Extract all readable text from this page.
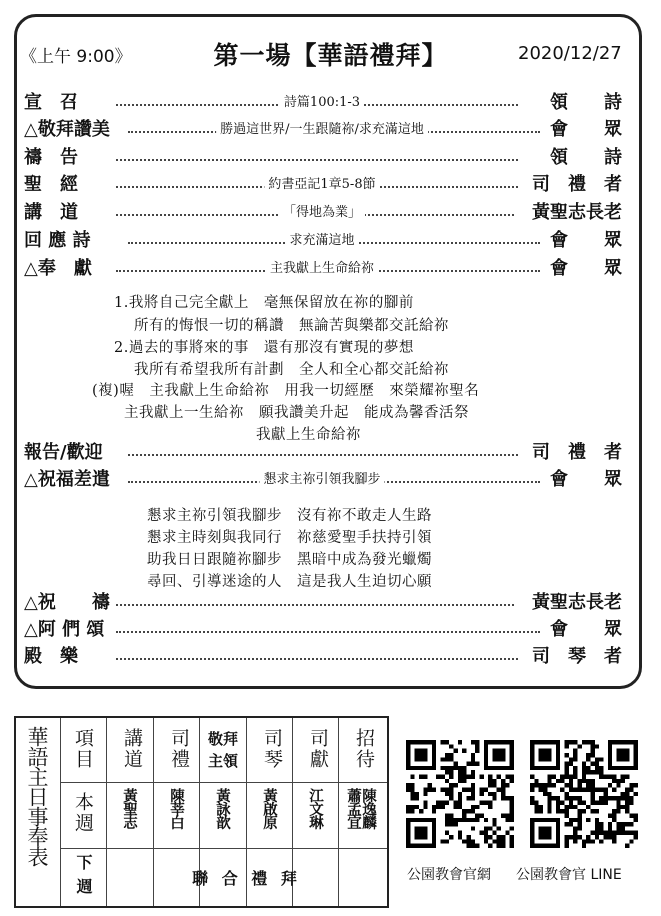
《上午 9:00》	第一場【華語禮拜】	2020/12/27
宣　召	詩篇100:1-3	領　　詩
△敬拜讚美	勝過這世界/一生跟隨祢/求充滿這地	會　　眾
禱　告	領　　詩
聖　經	約書亞記1章5-8節	司　禮　者
講　道	「得地為業」	黃聖志長老
回 應 詩	求充滿這地	會　　眾
△奉　獻	主我獻上生命給祢	會　　眾
報告/歡迎	司　禮　者
△祝福差遣	懇求主祢引領我腳步	會　　眾
△祝　　禱	黃聖志長老
△阿 們 頌	會　　眾
殿　樂	司　琴　者
1.我將自己完全獻上　毫無保留放在祢的腳前
所有的悔恨一切的稱讚　無論苦與樂都交託給祢
2.過去的事將來的事　還有那沒有實現的夢想
我所有希望我所有計劃　全人和全心都交託給祢
(複)喔　主我獻上生命給祢　用我一切經歷　來榮耀祢聖名
主我獻上一生給祢　願我讚美升起　能成為馨香活祭
我獻上生命給祢
懇求主祢引領我腳步　沒有祢不敢走人生路
懇求主時刻與我同行　祢慈愛聖手扶持引領
助我日日跟隨祢腳步　黑暗中成為發光蠟燭
尋回、引導迷途的人　這是我人生迫切心願
華語主日事奉表 項目 講道 司禮	敬拜主領 司琴 司獻 招待
本週 黃聖志 陳莘白 黃詠歆 黃啟原 江文琳	陳逸麟蕭孟宜
下週	聯 合 禮 拜	公園教會官網 公園教會官 LINE
